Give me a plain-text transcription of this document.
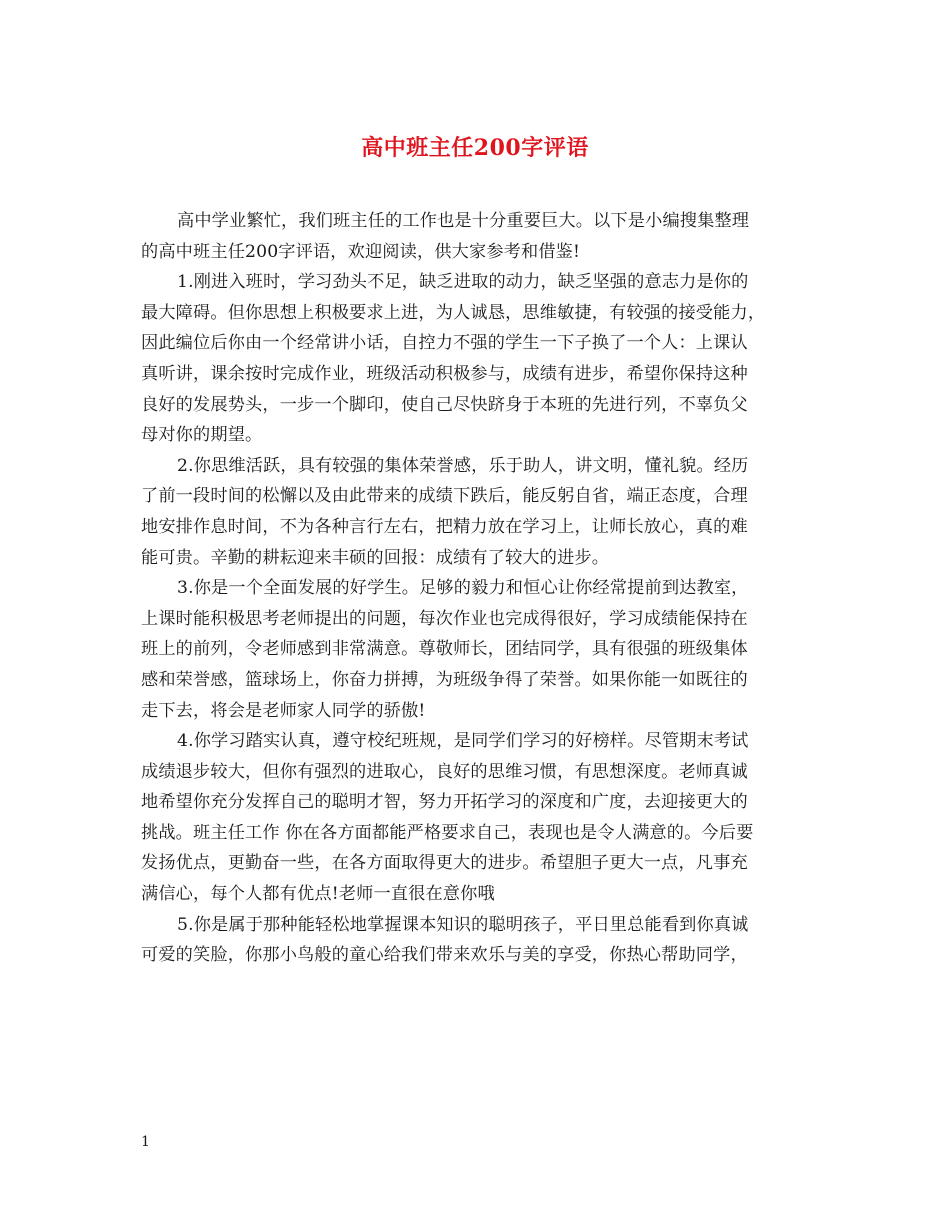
高中班主任200字评语
高中学业繁忙，我们班主任的工作也是十分重要巨大。以下是小编搜集整理
的高中班主任200字评语，欢迎阅读，供大家参考和借鉴!
1.刚进入班时，学习劲头不足，缺乏进取的动力，缺乏坚强的意志力是你的
最大障碍。但你思想上积极要求上进，为人诚恳，思维敏捷，有较强的接受能力，
因此编位后你由一个经常讲小话，自控力不强的学生一下子换了一个人：上课认
真听讲，课余按时完成作业，班级活动积极参与，成绩有进步，希望你保持这种
良好的发展势头，一步一个脚印，使自己尽快跻身于本班的先进行列，不辜负父
母对你的期望。
2.你思维活跃，具有较强的集体荣誉感，乐于助人，讲文明，懂礼貌。经历
了前一段时间的松懈以及由此带来的成绩下跌后，能反躬自省，端正态度，合理
地安排作息时间，不为各种言行左右，把精力放在学习上，让师长放心，真的难
能可贵。辛勤的耕耘迎来丰硕的回报：成绩有了较大的进步。
3.你是一个全面发展的好学生。足够的毅力和恒心让你经常提前到达教室，
上课时能积极思考老师提出的问题，每次作业也完成得很好，学习成绩能保持在
班上的前列，令老师感到非常满意。尊敬师长，团结同学，具有很强的班级集体
感和荣誉感，篮球场上，你奋力拼搏，为班级争得了荣誉。如果你能一如既往的
走下去，将会是老师家人同学的骄傲!
4.你学习踏实认真，遵守校纪班规，是同学们学习的好榜样。尽管期末考试
成绩退步较大，但你有强烈的进取心，良好的思维习惯，有思想深度。老师真诚
地希望你充分发挥自己的聪明才智，努力开拓学习的深度和广度，去迎接更大的
挑战。班主任工作 你在各方面都能严格要求自己，表现也是令人满意的。今后要
发扬优点，更勤奋一些，在各方面取得更大的进步。希望胆子更大一点，凡事充
满信心，每个人都有优点!老师一直很在意你哦
5.你是属于那种能轻松地掌握课本知识的聪明孩子，平日里总能看到你真诚
可爱的笑脸，你那小鸟般的童心给我们带来欢乐与美的享受，你热心帮助同学，
1
